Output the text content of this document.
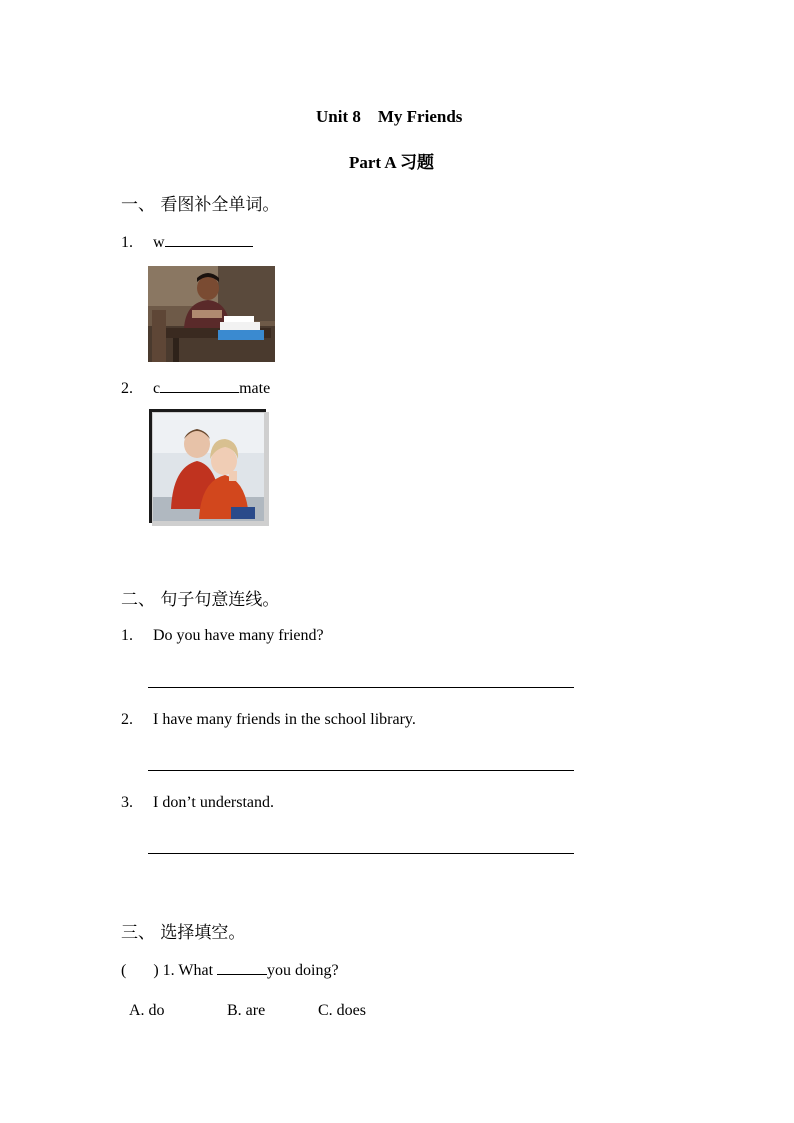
Unit 8    My Friends
Part A 习题
一、 看图补全单词。
1. w
2. c	mate
二、 句子句意连线。
1. Do you have many friend?
2. I have many friends in the school library.
3. I don’t understand.
三、 选择填空。
( ) 1. What	you doing?
A. do	B. are	C. does
